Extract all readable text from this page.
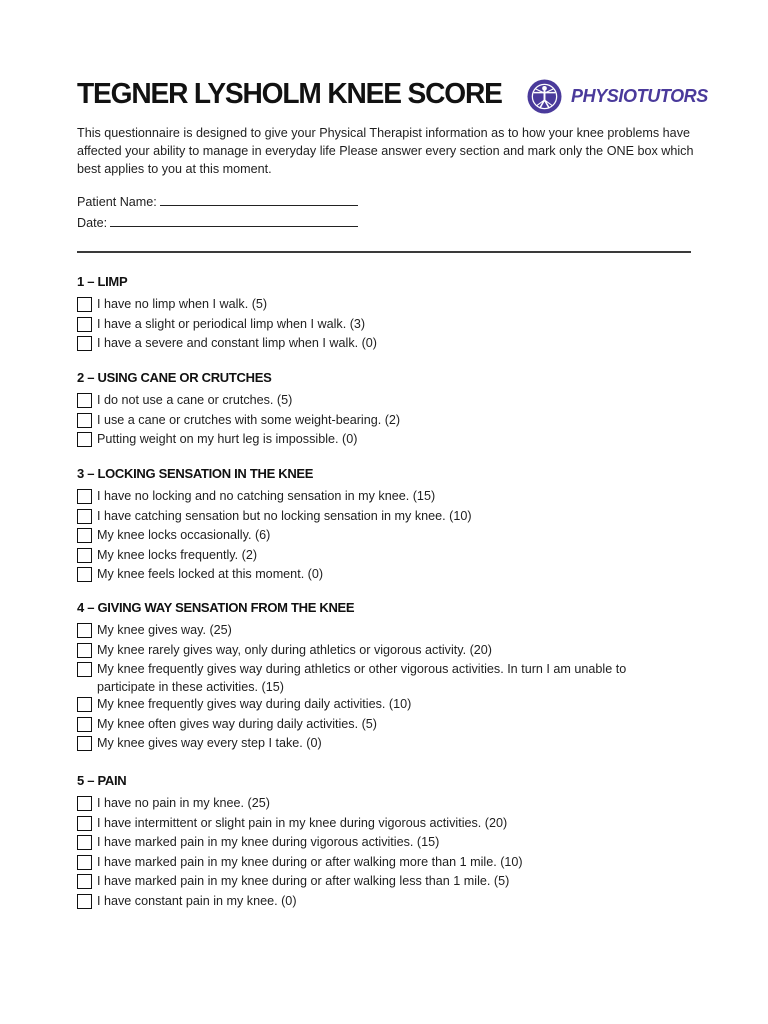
TEGNER LYSHOLM KNEE SCORE	PHYSIOTUTORS
This questionnaire is designed to give your Physical Therapist information as to how your knee problems have affected your ability to manage in everyday life Please answer every section and mark only the ONE box which best applies to you at this moment.
Patient Name:
Date:
1 – LIMP
I have no limp when I walk. (5)
I have a slight or periodical limp when I walk. (3)
I have a severe and constant limp when I walk. (0)
2 – USING CANE OR CRUTCHES
I do not use a cane or crutches. (5)
I use a cane or crutches with some weight-bearing. (2)
Putting weight on my hurt leg is impossible. (0)
3 – LOCKING SENSATION IN THE KNEE
I have no locking and no catching sensation in my knee. (15)
I have catching sensation but no locking sensation in my knee. (10)
My knee locks occasionally. (6)
My knee locks frequently. (2)
My knee feels locked at this moment. (0)
4 – GIVING WAY SENSATION FROM THE KNEE
My knee gives way. (25)
My knee rarely gives way, only during athletics or vigorous activity. (20)
My knee frequently gives way during athletics or other vigorous activities. In turn I am unable to participate in these activities. (15)
My knee frequently gives way during daily activities. (10)
My knee often gives way during daily activities. (5)
My knee gives way every step I take. (0)
5 – PAIN
I have no pain in my knee. (25)
I have intermittent or slight pain in my knee during vigorous activities. (20)
I have marked pain in my knee during vigorous activities. (15)
I have marked pain in my knee during or after walking more than 1 mile. (10)
I have marked pain in my knee during or after walking less than 1 mile. (5)
I have constant pain in my knee. (0)
